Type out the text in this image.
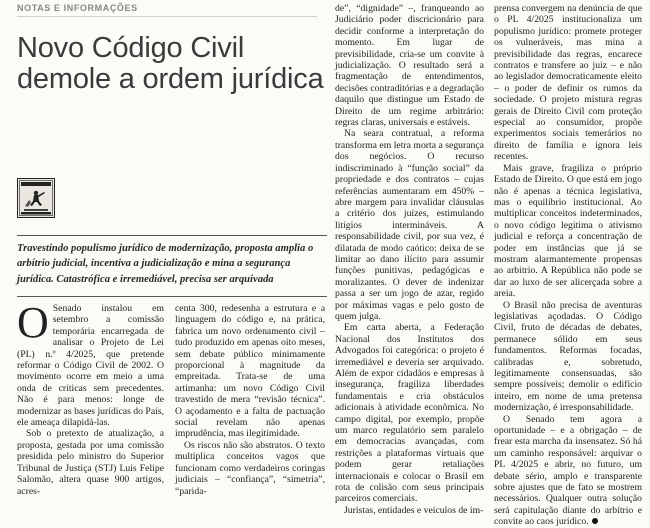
NOTAS E INFORMAÇÕES
Novo Código Civil demole a ordem jurídica

Travestindo populismo jurídico de modernização, proposta amplia o arbítrio judicial, incentiva a judicialização e mina a segurança jurídica. Catastrófica e irremediável, precisa ser arquivada

O Senado instalou em setembro a comissão temporária encarregada de analisar o Projeto de Lei (PL) n.º 4/2025, que pretende reformar o Código Civil de 2002. O movimento ocorre em meio a uma onda de críticas sem precedentes. Não é para menos: longe de modernizar as bases jurídicas do País, ele ameaça dilapidá-las.

Sob o pretexto de atualização, a proposta, gestada por uma comissão presidida pelo ministro do Superior Tribunal de Justiça (STJ) Luis Felipe Salomão, altera quase 900 artigos, acres-

centa 300, redesenha a estrutura e a linguagem do código e, na prática, fabrica um novo ordenamento civil – tudo produzido em apenas oito meses, sem debate público minimamente proporcional à magnitude da empreitada. Trata-se de uma artimanha: um novo Código Civil travestido de mera “revisão técnica”. O açodamento e a falta de pactuação social revelam não apenas imprudência, mas ilegitimidade.

Os riscos não são abstratos. O texto multiplica conceitos vagos que funcionam como verdadeiros coringas judiciais – “confiança”, “simetria”, “parida-

de”, “dignidade” –, franqueando ao Judiciário poder discricionário para decidir conforme a interpretação do momento. Em lugar de previsibilidade, cria-se um convite à judicialização. O resultado será a fragmentação de entendimentos, decisões contraditórias e a degradação daquilo que distingue um Estado de Direito de um regime arbitrário: regras claras, universais e estáveis.

Na seara contratual, a reforma transforma em letra morta a segurança dos negócios. O recurso indiscriminado à “função social” da propriedade e dos contratos – cujas referências aumentaram em 450% – abre margem para invalidar cláusulas a critério dos juízes, estimulando litígios intermináveis. A responsabilidade civil, por sua vez, é dilatada de modo caótico: deixa de se limitar ao dano ilícito para assumir funções punitivas, pedagógicas e moralizantes. O dever de indenizar passa a ser um jogo de azar, regido por máximas vagas e pelo gosto de quem julga.

Em carta aberta, a Federação Nacional dos Institutos dos Advogados foi categórica: o projeto é irremediável e deveria ser arquivado. Além de expor cidadãos e empresas à insegurança, fragiliza liberdades fundamentais e cria obstáculos adicionais à atividade econômica. No campo digital, por exemplo, propõe um marco regulatório sem paralelo em democracias avançadas, com restrições a plataformas virtuais que podem gerar retaliações internacionais e colocar o Brasil em rota de colisão com seus principais parceiros comerciais.

Juristas, entidades e veículos de im-

prensa convergem na denúncia de que o PL 4/2025 institucionaliza um populismo jurídico: promete proteger os vulneráveis, mas mina a previsibilidade das regras, encarece contratos e transfere ao juiz – e não ao legislador democraticamente eleito – o poder de definir os rumos da sociedade. O projeto mistura regras gerais de Direito Civil com proteção especial ao consumidor, propõe experimentos sociais temerários no direito de família e ignora leis recentes.

Mais grave, fragiliza o próprio Estado de Direito. O que está em jogo não é apenas a técnica legislativa, mas o equilíbrio institucional. Ao multiplicar conceitos indeterminados, o novo código legitima o ativismo judicial e reforça a concentração de poder em instâncias que já se mostram alarmantemente propensas ao arbítrio. A República não pode se dar ao luxo de ser alicerçada sobre a areia.

O Brasil não precisa de aventuras legislativas açodadas. O Código Civil, fruto de décadas de debates, permanece sólido em seus fundamentos. Reformas focadas, calibradas e, sobretudo, legitimamente consensuadas, são sempre possíveis; demolir o edifício inteiro, em nome de uma pretensa modernização, é irresponsabilidade.

O Senado tem agora a oportunidade – e a obrigação – de frear esta marcha da insensatez. Só há um caminho responsável: arquivar o PL 4/2025 e abrir, no futuro, um debate sério, amplo e transparente sobre ajustes que de fato se mostrem necessários. Qualquer outra solução será capitulação diante do arbítrio e convite ao caos jurídico.
